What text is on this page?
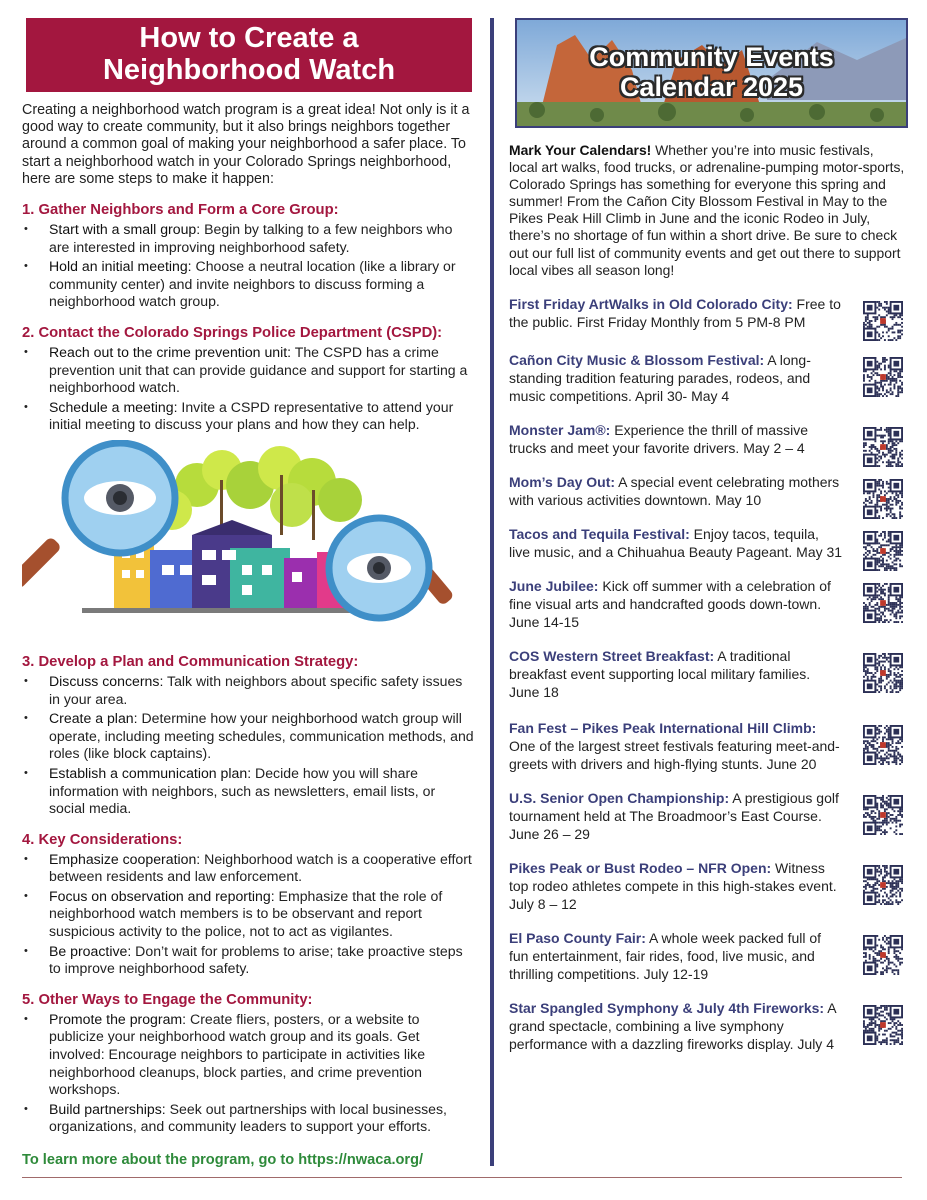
How to Create a
Neighborhood Watch
Creating a neighborhood watch program is a great idea! Not only is it a good way to create community, but it also brings neighbors together around a common goal of making your neighborhood a safer place. To start a neighborhood watch in your Colorado Springs neighborhood, here are some steps to make it happen:
1. Gather Neighbors and Form a Core Group:
• Start with a small group: Begin by talking to a few neighbors who are interested in improving neighborhood safety.
• Hold an initial meeting: Choose a neutral location (like a library or community center) and invite neighbors to discuss forming a neighborhood watch group.
2. Contact the Colorado Springs Police Department (CSPD):
• Reach out to the crime prevention unit: The CSPD has a crime prevention unit that can provide guidance and support for starting a neighborhood watch.
• Schedule a meeting: Invite a CSPD representative to attend your initial meeting to discuss your plans and how they can help.
3. Develop a Plan and Communication Strategy:
• Discuss concerns: Talk with neighbors about specific safety issues in your area.
• Create a plan: Determine how your neighborhood watch group will operate, including meeting schedules, communication methods, and roles (like block captains).
• Establish a communication plan: Decide how you will share information with neighbors, such as newsletters, email lists, or social media.
4. Key Considerations:
• Emphasize cooperation: Neighborhood watch is a cooperative effort between residents and law enforcement.
• Focus on observation and reporting: Emphasize that the role of neighborhood watch members is to be observant and report suspicious activity to the police, not to act as vigilantes.
• Be proactive: Don’t wait for problems to arise; take proactive steps to improve neighborhood safety.
5. Other Ways to Engage the Community:
• Promote the program: Create fliers, posters, or a website to publicize your neighborhood watch group and its goals. Get involved: Encourage neighbors to participate in activities like neighborhood cleanups, block parties, and crime prevention workshops.
• Build partnerships: Seek out partnerships with local businesses, organizations, and community leaders to support your efforts.
To learn more about the program, go to https://nwaca.org/
Community Events
Calendar 2025
Mark Your Calendars! Whether you’re into music festivals, local art walks, food trucks, or adrenaline-pumping motor-sports, Colorado Springs has something for everyone this spring and summer! From the Cañon City Blossom Festival in May to the Pikes Peak Hill Climb in June and the iconic Rodeo in July, there’s no shortage of fun within a short drive. Be sure to check out our full list of community events and get out there to support local vibes all season long!
First Friday ArtWalks in Old Colorado City: Free to the public. First Friday Monthly from 5 PM-8 PM
Cañon City Music & Blossom Festival: A long-standing tradition featuring parades, rodeos, and music competitions. April 30- May 4
Monster Jam®: Experience the thrill of massive trucks and meet your favorite drivers. May 2 – 4
Mom’s Day Out: A special event celebrating mothers with various activities downtown. May 10
Tacos and Tequila Festival: Enjoy tacos, tequila, live music, and a Chihuahua Beauty Pageant. May 31
June Jubilee: Kick off summer with a celebration of fine visual arts and handcrafted goods down-town. June 14-15
COS Western Street Breakfast: A traditional breakfast event supporting local military families. June 18
Fan Fest – Pikes Peak International Hill Climb: One of the largest street festivals featuring meet-and-greets with drivers and high-flying stunts. June 20
U.S. Senior Open Championship: A prestigious golf tournament held at The Broadmoor’s East Course. June 26 – 29
Pikes Peak or Bust Rodeo – NFR Open: Witness top rodeo athletes compete in this high-stakes event. July 8 – 12
El Paso County Fair: A whole week packed full of fun entertainment, fair rides, food, live music, and thrilling competitions. July 12-19
Star Spangled Symphony & July 4th Fireworks: A grand spectacle, combining a live symphony performance with a dazzling fireworks display. July 4
